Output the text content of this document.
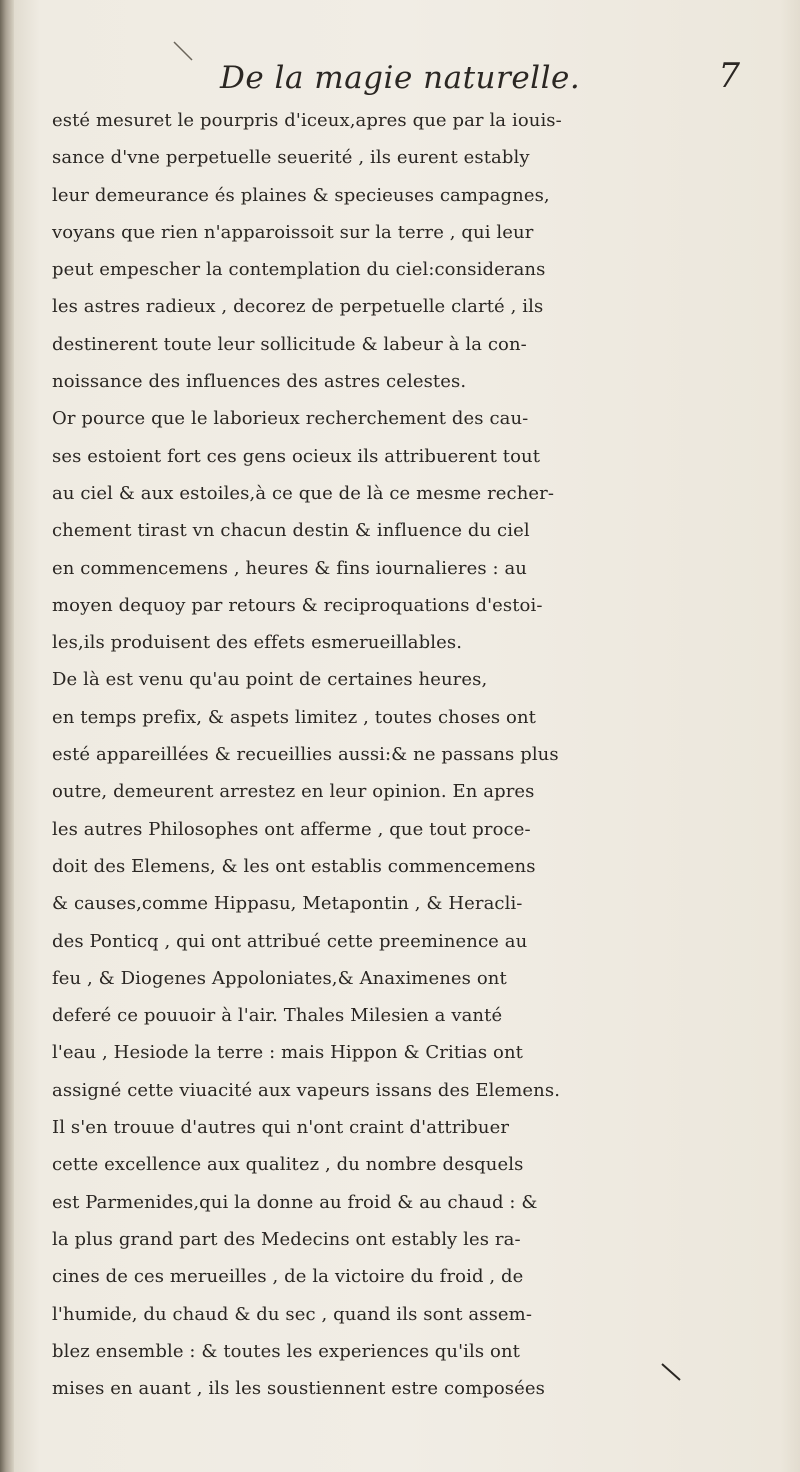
De la magie naturelle.	7
esté mesuret le pourpris d'iceux,apres que par la iouis-
sance d'vne perpetuelle seuerité , ils eurent estably
leur demeurance és plaines & specieuses campagnes,
voyans que rien n'apparoissoit sur la terre , qui leur
peut empescher la contemplation du ciel:considerans
les astres radieux , decorez de perpetuelle clarté , ils
destinerent toute leur sollicitude & labeur à la con-
noissance des influences des astres celestes.
Or pource que le laborieux recherchement des cau-
ses estoient fort ces gens ocieux ils attribuerent tout
au ciel & aux estoiles,à ce que de là ce mesme recher-
chement tirast vn chacun destin & influence du ciel
en commencemens , heures & fins iournalieres : au
moyen dequoy par retours & reciproquations d'estoi-
les,ils produisent des effets esmerueillables.
De là est venu qu'au point de certaines heures,
en temps prefix, & aspets limitez , toutes choses ont
esté appareillées & recueillies aussi:& ne passans plus
outre, demeurent arrestez en leur opinion. En apres
les autres Philosophes ont afferme , que tout proce-
doit des Elemens, & les ont establis commencemens
& causes,comme Hippasu, Metapontin , & Heracli-
des Ponticq , qui ont attribué cette preeminence au
feu , & Diogenes Appoloniates,& Anaximenes ont
deferé ce pouuoir à l'air. Thales Milesien a vanté
l'eau , Hesiode la terre : mais Hippon & Critias ont
assigné cette viuacité aux vapeurs issans des Elemens.
Il s'en trouue d'autres qui n'ont craint d'attribuer
cette excellence aux qualitez , du nombre desquels
est Parmenides,qui la donne au froid & au chaud : &
la plus grand part des Medecins ont estably les ra-
cines de ces merueilles , de la victoire du froid , de
l'humide, du chaud & du sec , quand ils sont assem-
blez ensemble : & toutes les experiences qu'ils ont
mises en auant , ils les soustiennent estre composées
